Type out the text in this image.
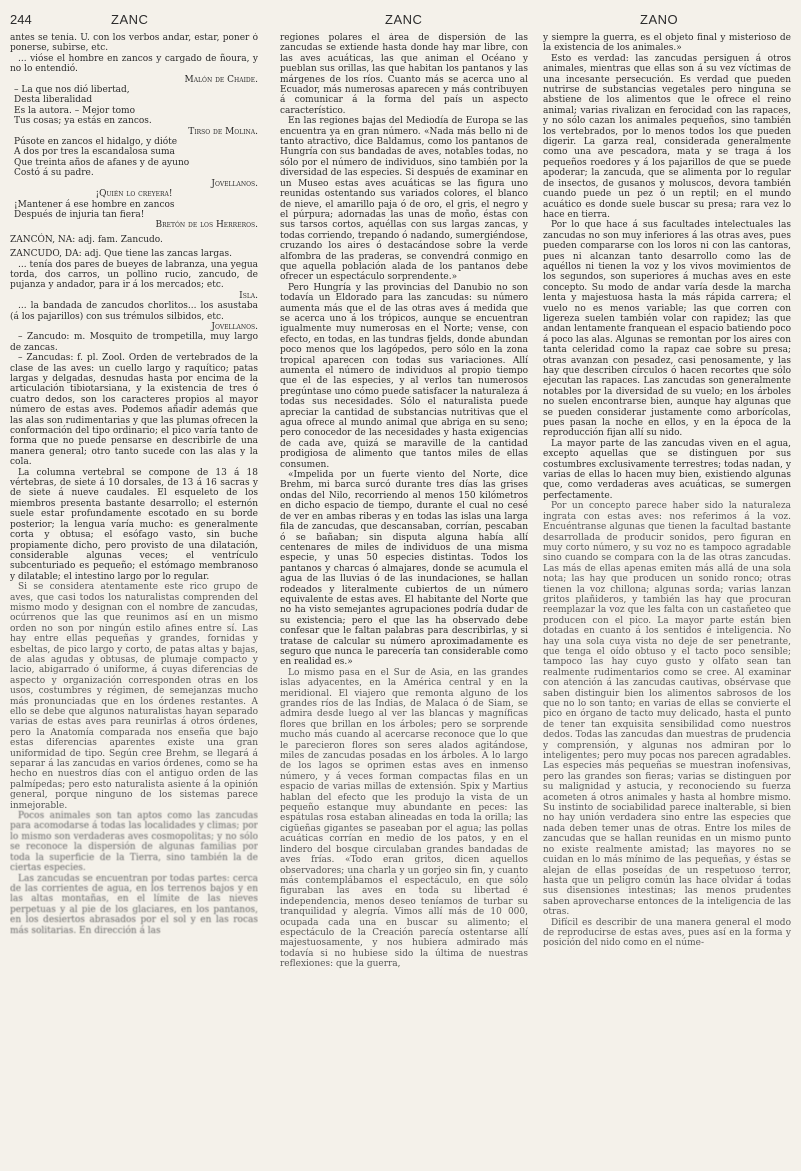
244	ZANC	ZANC	ZANO

antes se tenía. U. con los verbos andar, estar, poner ó ponerse, subirse, etc.

... vióse el hombre en zancos y cargado de ñoura, y no lo entendió.

Malón de Chaide.

– La que nos dió libertad,

Desta liberalidad

Es la autora. – Mejor tomo

Tus cosas; ya estás en zancos.

Tirso de Molina.

Púsote en zancos el hidalgo, y dióte

A dos por tres la escandalosa suma

Que treinta años de afanes y de ayuno

Costó á su padre.

Jovellanos.

¡Quién lo creyera!

¡Mantener á ese hombre en zancos

Después de injuria tan fiera!

Bretón de los Herreros.

ZANCÓN, NA: adj. fam. Zancudo.

ZANCUDO, DA: adj. Que tiene las zancas largas.

... tenía dos pares de bueyes de labranza, una yegua torda, dos carros, un pollino rucio, zancudo, de pujanza y andador, para ir á los mercados; etc.

Isla.

... la bandada de zancudos chorlitos... los asustaba (á los pajarillos) con sus trémulos silbidos, etc.

Jovellanos.

– Zancudo: m. Mosquito de trompetilla, muy largo de zancas.

– Zancudas: f. pl. Zool. Orden de vertebrados de la clase de las aves: un cuello largo y raquítico; patas largas y delgadas, desnudas hasta por encima de la articulación tibiotarsiana, y la existencia de tres ó cuatro dedos, son los caracteres propios al mayor número de estas aves. Podemos añadir además que las alas son rudimentarias y que las plumas ofrecen la conformación del tipo ordinario; el pico varía tanto de forma que no puede pensarse en describirle de una manera general; otro tanto sucede con las alas y la cola.

La columna vertebral se compone de 13 á 18 vértebras, de siete á 10 dorsales, de 13 á 16 sacras y de siete á nueve caudales. El esqueleto de los miembros presenta bastante desarrollo; el esternón suele estar profundamente escotado en su borde posterior; la lengua varía mucho: es generalmente corta y obtusa; el esófago vasto, sin buche propiamente dicho, pero provisto de una dilatación, considerable algunas veces; el ventrículo subcenturiado es pequeño; el estómago membranoso y dilatable; el intestino largo por lo regular.

Si se considera atentamente este rico grupo de aves, que casi todos los naturalistas comprenden del mismo modo y designan con el nombre de zancudas, ocúrrenos que las que reunimos así en un mismo orden no son por ningún estilo afines entre sí. Las hay entre ellas pequeñas y grandes, fornidas y esbeltas, de pico largo y corto, de patas altas y bajas, de alas agudas y obtusas, de plumaje compacto y lacio, abigarrado ó uniforme, á cuyas diferencias de aspecto y organización corresponden otras en los usos, costumbres y régimen, de semejanzas mucho más pronunciadas que en los órdenes restantes. A ello se debe que algunos naturalistas hayan separado varias de estas aves para reunirlas á otros órdenes, pero la Anatomía comparada nos enseña que bajo estas diferencias aparentes existe una gran uniformidad de tipo. Según cree Brehm, se llegará á separar á las zancudas en varios órdenes, como se ha hecho en nuestros días con el antiguo orden de las palmípedas; pero esto naturalista asiente á la opinión general, porque ninguno de los sistemas parece inmejorable.

Pocos animales son tan aptos como las zancudas para acomodarse á todas las localidades y climas; por lo mismo son verdaderas aves cosmopolitas; y no sólo se reconoce la dispersión de algunas familias por toda la superficie de la Tierra, sino también la de ciertas especies.

Las zancudas se encuentran por todas partes: cerca de las corrientes de agua, en los terrenos bajos y en las altas montañas, en el límite de las nieves perpetuas y al pie de los glaciares, en los pantanos, en los desiertos abrasados por el sol y en las rocas más solitarias. En dirección á las

regiones polares el área de dispersión de las zancudas se extiende hasta donde hay mar libre, con las aves acuáticas, las que animan el Océano y pueblan sus orillas, las que habitan los pantanos y las márgenes de los ríos. Cuanto más se acerca uno al Ecuador, más numerosas aparecen y más contribuyen á comunicar á la forma del país un aspecto característico.

En las regiones bajas del Mediodía de Europa se las encuentra ya en gran número. «Nada más bello ni de tanto atractivo, dice Baldamus, como los pantanos de Hungría con sus bandadas de aves, notables todas, no sólo por el número de individuos, sino también por la diversidad de las especies. Si después de examinar en un Museo estas aves acuáticas se las figura uno reunidas ostentando sus variados colores, el blanco de nieve, el amarillo paja ó de oro, el gris, el negro y el púrpura; adornadas las unas de moño, éstas con sus tarsos cortos, aquéllas con sus largas zancas, y todas corriendo, trepando ó nadando, sumergiéndose, cruzando los aires ó destacándose sobre la verde alfombra de las praderas, se convendrá conmigo en que aquella población alada de los pantanos debe ofrecer un espectáculo sorprendente.»

Pero Hungría y las provincias del Danubio no son todavía un Eldorado para las zancudas: su número aumenta más que el de las otras aves á medida que se acerca uno á los trópicos, aunque se encuentran igualmente muy numerosas en el Norte; vense, con efecto, en todas, en las tundras fjelds, donde abundan poco menos que los lagópedos, pero sólo en la zona tropical aparecen con todas sus variaciones. Allí aumenta el número de individuos al propio tiempo que el de las especies, y al verlos tan numerosos pregúntase uno cómo puede satisfacer la naturaleza á todas sus necesidades. Sólo el naturalista puede apreciar la cantidad de substancias nutritivas que el agua ofrece al mundo animal que abriga en su seno; pero conocedor de las necesidades y hasta exigencias de cada ave, quizá se maraville de la cantidad prodigiosa de alimento que tantos miles de ellas consumen.

«Impelida por un fuerte viento del Norte, dice Brehm, mi barca surcó durante tres días las grises ondas del Nilo, recorriendo al menos 150 kilómetros en dicho espacio de tiempo, durante el cual no cesé de ver en ambas riberas y en todas las islas una larga fila de zancudas, que descansaban, corrían, pescaban ó se bañaban; sin disputa alguna había allí centenares de miles de individuos de una misma especie, y unas 50 especies distintas. Todos los pantanos y charcas ó almajares, donde se acumula el agua de las lluvias ó de las inundaciones, se hallan rodeados y literalmente cubiertos de un número equivalente de estas aves. El habitante del Norte que no ha visto semejantes agrupaciones podría dudar de su existencia; pero el que las ha observado debe confesar que le faltan palabras para describirlas, y si tratase de calcular su número aproximadamente es seguro que nunca le parecería tan considerable como en realidad es.»

Lo mismo pasa en el Sur de Asia, en las grandes islas adyacentes, en la América central y en la meridional. El viajero que remonta alguno de los grandes ríos de las Indias, de Malaca ó de Siam, se admira desde luego al ver las blancas y magníficas flores que brillan en los árboles; pero se sorprende mucho más cuando al acercarse reconoce que lo que le parecieron flores son seres alados agitándose, miles de zancudas posadas en los árboles. A lo largo de los lagos se oprimen estas aves en inmenso número, y á veces forman compactas filas en un espacio de varias millas de extensión. Spix y Martius hablan del efecto que les produjo la vista de un pequeño estanque muy abundante en peces: las espátulas rosa estaban alineadas en toda la orilla; las cigüeñas gigantes se paseaban por el agua; las pollas acuáticas corrían en medio de los patos, y en el lindero del bosque circulaban grandes bandadas de aves frías. «Todo eran gritos, dicen aquellos observadores; una charla y un gorjeo sin fin, y cuanto más contemplábamos el espectáculo, en que sólo figuraban las aves en toda su libertad é independencia, menos deseo teníamos de turbar su tranquilidad y alegría. Vimos allí más de 10 000, ocupada cada una en buscar su alimento; el espectáculo de la Creación parecía ostentarse allí majestuosamente, y nos hubiera admirado más todavía si no hubiese sido la última de nuestras reflexiones: que la guerra,

y siempre la guerra, es el objeto final y misterioso de la existencia de los animales.»

Esto es verdad: las zancudas persiguen á otros animales, mientras que ellas son á su vez víctimas de una incesante persecución. Es verdad que pueden nutrirse de substancias vegetales pero ninguna se abstiene de los alimentos que le ofrece el reino animal; varias rivalizan en ferocidad con las rapaces, y no sólo cazan los animales pequeños, sino también los vertebrados, por lo menos todos los que pueden digerir. La garza real, considerada generalmente como una ave pescadora, mata y se traga á los pequeños roedores y á los pajarillos de que se puede apoderar; la zancuda, que se alimenta por lo regular de insectos, de gusanos y moluscos, devora también cuando puede un pez ó un reptil; en el mundo acuático es donde suele buscar su presa; rara vez lo hace en tierra.

Por lo que hace á sus facultades intelectuales las zancudas no son muy inferiores á las otras aves, pues pueden compararse con los loros ni con las cantoras, pues ni alcanzan tanto desarrollo como las de aquéllos ni tienen la voz y los vivos movimientos de los segundos, son superiores á muchas aves en este concepto. Su modo de andar varía desde la marcha lenta y majestuosa hasta la más rápida carrera; el vuelo no es menos variable; las que corren con ligereza suelen también volar con rapidez; las que andan lentamente franquean el espacio batiendo poco á poco las alas. Algunas se remontan por los aires con tanta celeridad como la rapaz cae sobre su presa; otras avanzan con pesadez, casi penosamente, y las hay que describen círculos ó hacen recortes que sólo ejecutan las rapaces. Las zancudas son generalmente notables por la diversidad de su vuelo; en los árboles no suelen encontrarse bien, aunque hay algunas que se pueden considerar justamente como arborícolas, pues pasan la noche en ellos, y en la época de la reproducción fijan allí su nido.

La mayor parte de las zancudas viven en el agua, excepto aquellas que se distinguen por sus costumbres exclusivamente terrestres; todas nadan, y varias de ellas lo hacen muy bien, existiendo algunas que, como verdaderas aves acuáticas, se sumergen perfectamente.

Por un concepto parece haber sido la naturaleza ingrata con estas aves: nos referimos á la voz. Encuéntranse algunas que tienen la facultad bastante desarrollada de producir sonidos, pero figuran en muy corto número, y su voz no es tampoco agradable sino cuando se compara con la de las otras zancudas. Las más de ellas apenas emiten más allá de una sola nota; las hay que producen un sonido ronco; otras tienen la voz chillona; algunas sorda; varias lanzan gritos plañideros, y también las hay que procuran reemplazar la voz que les falta con un castañeteo que producen con el pico. La mayor parte están bien dotadas en cuanto á los sentidos é inteligencia. No hay una sola cuya vista no deje de ser penetrante, que tenga el oído obtuso y el tacto poco sensible; tampoco las hay cuyo gusto y olfato sean tan realmente rudimentarios como se cree. Al examinar con atención á las zancudas cautivas, obsérvase que saben distinguir bien los alimentos sabrosos de los que no lo son tanto; en varias de ellas se convierte el pico en órgano de tacto muy delicado, hasta el punto de tener tan exquisita sensibilidad como nuestros dedos. Todas las zancudas dan muestras de prudencia y comprensión, y algunas nos admiran por lo inteligentes; pero muy pocas nos parecen agradables. Las especies más pequeñas se muestran inofensivas, pero las grandes son fieras; varias se distinguen por su malignidad y astucia, y reconociendo su fuerza acometen á otros animales y hasta al hombre mismo. Su instinto de sociabilidad parece inalterable, si bien no hay unión verdadera sino entre las especies que nada deben temer unas de otras. Entre los miles de zancudas que se hallan reunidas en un mismo punto no existe realmente amistad; las mayores no se cuidan en lo más mínimo de las pequeñas, y éstas se alejan de ellas poseídas de un respetuoso terror, hasta que un peligro común las hace olvidar á todas sus disensiones intestinas; las menos prudentes saben aprovecharse entonces de la inteligencia de las otras.

Difícil es describir de una manera general el modo de reproducirse de estas aves, pues así en la forma y posición del nido como en el núme-
